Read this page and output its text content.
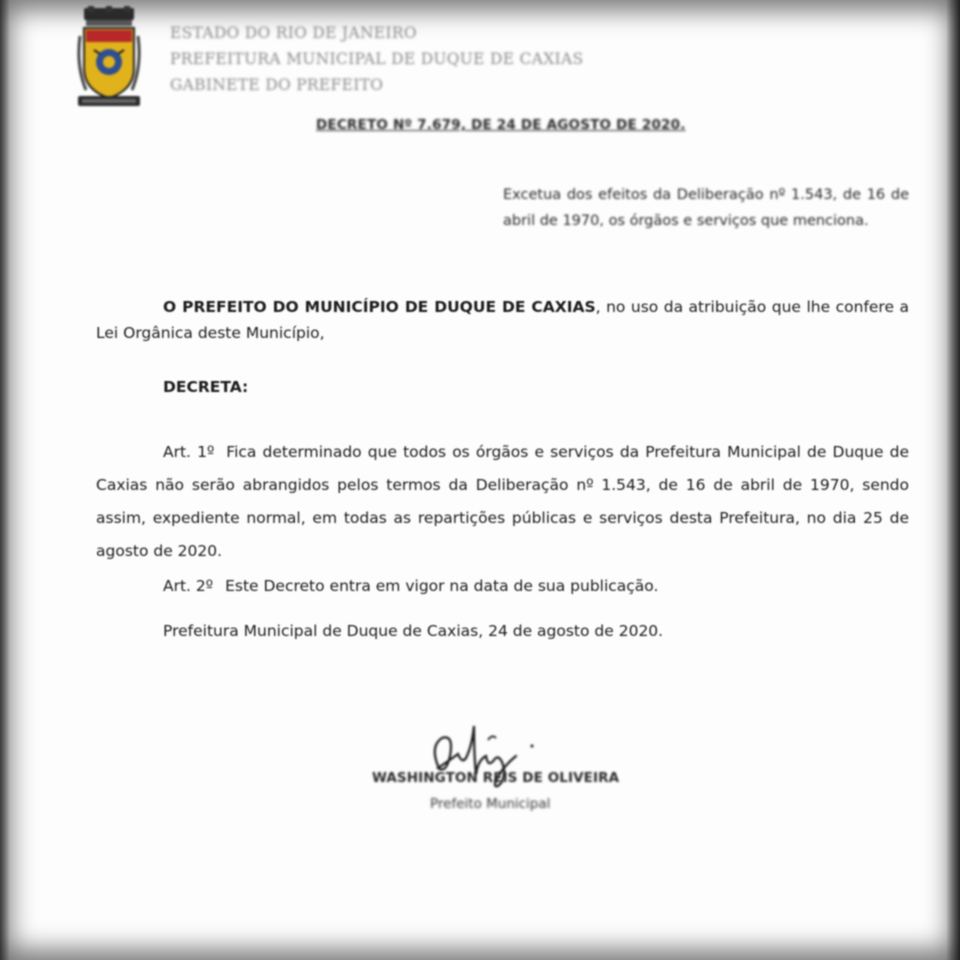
ESTADO DO RIO DE JANEIRO
PREFEITURA MUNICIPAL DE DUQUE DE CAXIAS
GABINETE DO PREFEITO
DECRETO Nº 7.679, DE 24 DE AGOSTO DE 2020.
Excetua dos efeitos da Deliberação nº 1.543, de 16 de abril de 1970, os órgãos e serviços que menciona.
O PREFEITO DO MUNICÍPIO DE DUQUE DE CAXIAS, no uso da atribuição que lhe confere a Lei Orgânica deste Município,
DECRETA:
Art. 1º Fica determinado que todos os órgãos e serviços da Prefeitura Municipal de Duque de Caxias não serão abrangidos pelos termos da Deliberação nº 1.543, de 16 de abril de 1970, sendo assim, expediente normal, em todas as repartições públicas e serviços desta Prefeitura, no dia 25 de agosto de 2020.
Art. 2º Este Decreto entra em vigor na data de sua publicação.
Prefeitura Municipal de Duque de Caxias, 24 de agosto de 2020.
WASHINGTON REIS DE OLIVEIRA
Prefeito Municipal
